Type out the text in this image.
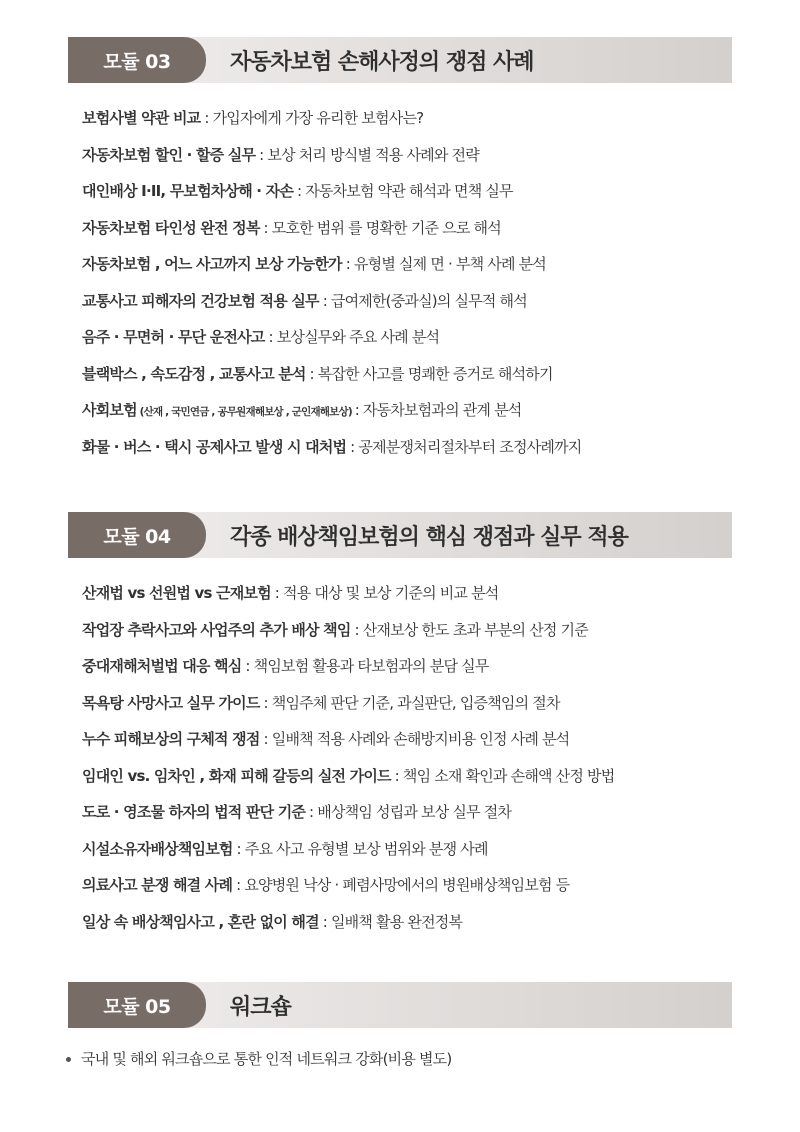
모듈 03	자동차보험 손해사정의 쟁점 사례
보험사별 약관 비교 : 가입자에게 가장 유리한 보험사는?
자동차보험 할인 · 할증 실무 : 보상 처리 방식별 적용 사례와 전략
대인배상 I·II, 무보험차상해 · 자손 : 자동차보험 약관 해석과 면책 실무
자동차보험 타인성 완전 정복 : 모호한 범위 를 명확한 기준 으로 해석
자동차보험 , 어느 사고까지 보상 가능한가 : 유형별 실제 면 · 부책 사례 분석
교통사고 피해자의 건강보험 적용 실무 : 급여제한(중과실)의 실무적 해석
음주 · 무면허 · 무단 운전사고 : 보상실무와 주요 사례 분석
블랙박스 , 속도감정 , 교통사고 분석 : 복잡한 사고를 명쾌한 증거로 해석하기
사회보험 (산재 , 국민연금 , 공무원재해보상 , 군인재해보상) : 자동차보험과의 관계 분석
화물 · 버스 · 택시 공제사고 발생 시 대처법 : 공제분쟁처리절차부터 조정사례까지
모듈 04	각종 배상책임보험의 핵심 쟁점과 실무 적용
산재법 vs 선원법 vs 근재보험 : 적용 대상 및 보상 기준의 비교 분석
작업장 추락사고와 사업주의 추가 배상 책임 : 산재보상 한도 초과 부분의 산정 기준
중대재해처벌법 대응 핵심 : 책임보험 활용과 타보험과의 분담 실무
목욕탕 사망사고 실무 가이드 : 책임주체 판단 기준, 과실판단, 입증책임의 절차
누수 피해보상의 구체적 쟁점 : 일배책 적용 사례와 손해방지비용 인정 사례 분석
임대인 vs. 임차인 , 화재 피해 갈등의 실전 가이드 : 책임 소재 확인과 손해액 산정 방법
도로 · 영조물 하자의 법적 판단 기준 : 배상책임 성립과 보상 실무 절차
시설소유자배상책임보험 : 주요 사고 유형별 보상 범위와 분쟁 사례
의료사고 분쟁 해결 사례 : 요양병원 낙상 · 폐렴사망에서의 병원배상책임보험 등
일상 속 배상책임사고 , 혼란 없이 해결 : 일배책 활용 완전정복
모듈 05	워크숍
국내 및 해외 워크숍으로 통한 인적 네트워크 강화(비용 별도)
